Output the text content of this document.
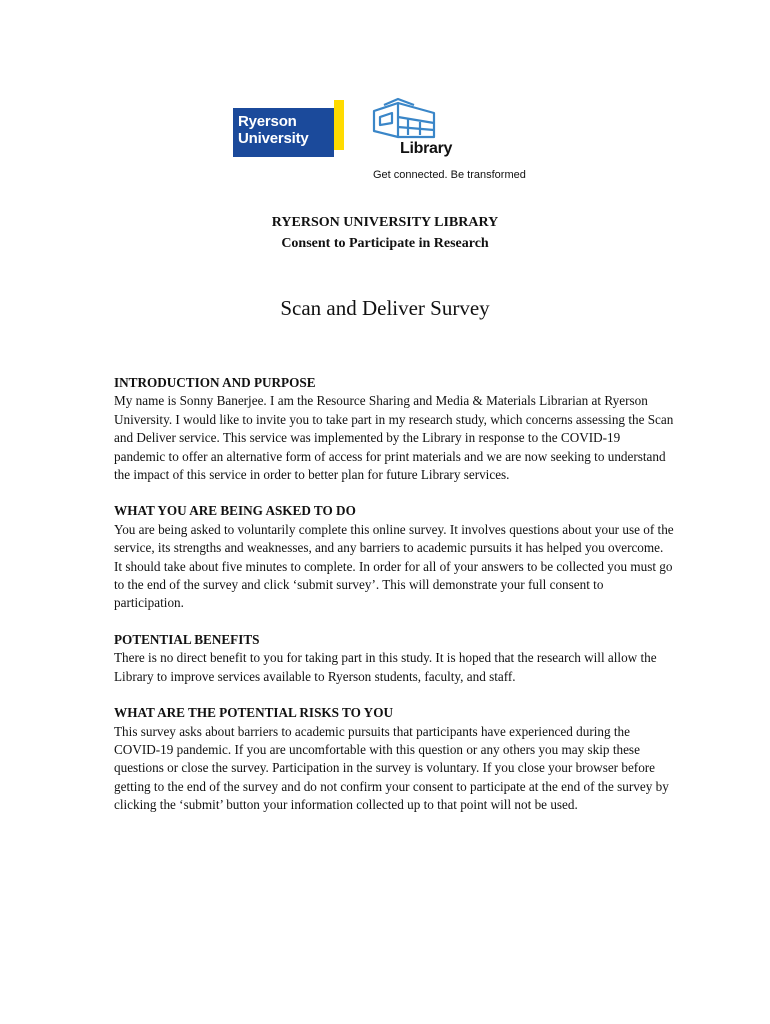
Ryerson
University
Library
Get connected. Be transformed
RYERSON UNIVERSITY LIBRARY
Consent to Participate in Research
Scan and Deliver Survey
INTRODUCTION AND PURPOSE

My name is Sonny Banerjee. I am the Resource Sharing and Media & Materials Librarian at Ryerson University. I would like to invite you to take part in my research study, which concerns assessing the Scan and Deliver service. This service was implemented by the Library in response to the COVID-19 pandemic to offer an alternative form of access for print materials and we are now seeking to understand the impact of this service in order to better plan for future Library services.

WHAT YOU ARE BEING ASKED TO DO

You are being asked to voluntarily complete this online survey. It involves questions about your use of the service, its strengths and weaknesses, and any barriers to academic pursuits it has helped you overcome. It should take about five minutes to complete. In order for all of your answers to be collected you must go to the end of the survey and click ‘submit survey’. This will demonstrate your full consent to participation.

POTENTIAL BENEFITS

There is no direct benefit to you for taking part in this study. It is hoped that the research will allow the Library to improve services available to Ryerson students, faculty, and staff.

WHAT ARE THE POTENTIAL RISKS TO YOU

This survey asks about barriers to academic pursuits that participants have experienced during the COVID-19 pandemic. If you are uncomfortable with this question or any others you may skip these questions or close the survey. Participation in the survey is voluntary. If you close your browser before getting to the end of the survey and do not confirm your consent to participate at the end of the survey by clicking the ‘submit’ button your information collected up to that point will not be used.
